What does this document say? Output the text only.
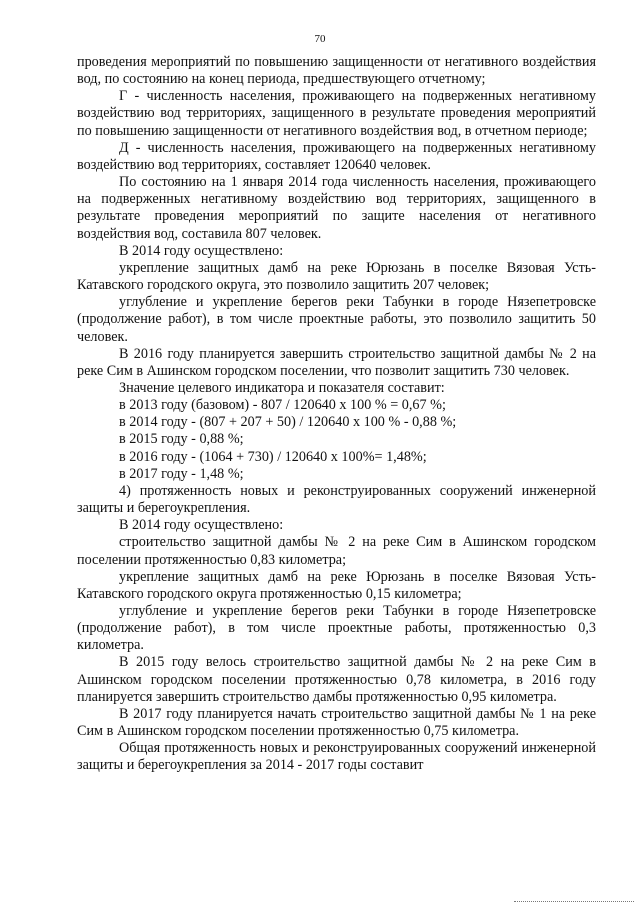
70

проведения мероприятий по повышению защищенности от негативного воздействия вод, по состоянию на конец периода, предшествующего отчетному;

Г - численность населения, проживающего на подверженных негативному воздействию вод территориях, защищенного в результате проведения мероприятий по повышению защищенности от негативного воздействия вод, в отчетном периоде;

Д - численность населения, проживающего на подверженных негативному воздействию вод территориях, составляет 120640 человек.

По состоянию на 1 января 2014 года численность населения, проживающего на подверженных негативному воздействию вод территориях, защищенного в результате проведения мероприятий по защите населения от негативного воздействия вод, составила 807 человек.

В 2014 году осуществлено:

укрепление защитных дамб на реке Юрюзань в поселке Вязовая Усть-Катавского городского округа, это позволило защитить 207 человек;

углубление и укрепление берегов реки Табунки в городе Нязепетровске (продолжение работ), в том числе проектные работы, это позволило защитить 50 человек.

В 2016 году планируется завершить строительство защитной дамбы № 2 на реке Сим в Ашинском городском поселении, что позволит защитить 730 человек.

Значение целевого индикатора и показателя составит:

в 2013 году (базовом) - 807 / 120640 x 100 % = 0,67 %;

в 2014 году - (807 + 207 + 50) / 120640 x 100 % - 0,88 %;

в 2015 году - 0,88 %;

в 2016 году - (1064 + 730) / 120640 x 100%= 1,48%;

в 2017 году - 1,48 %;

4) протяженность новых и реконструированных сооружений инженерной защиты и берегоукрепления.

В 2014 году осуществлено:

строительство защитной дамбы № 2 на реке Сим в Ашинском городском поселении протяженностью 0,83 километра;

укрепление защитных дамб на реке Юрюзань в поселке Вязовая Усть-Катавского городского округа протяженностью 0,15 километра;

углубление и укрепление берегов реки Табунки в городе Нязепетровске (продолжение работ), в том числе проектные работы, протяженностью 0,3 километра.

В 2015 году велось строительство защитной дамбы № 2 на реке Сим в Ашинском городском поселении протяженностью 0,78 километра, в 2016 году планируется завершить строительство дамбы протяженностью 0,95 километра.

В 2017 году планируется начать строительство защитной дамбы № 1 на реке Сим в Ашинском городском поселении протяженностью 0,75 километра.

Общая протяженность новых и реконструированных сооружений инженерной защиты и берегоукрепления за 2014 - 2017 годы составит
